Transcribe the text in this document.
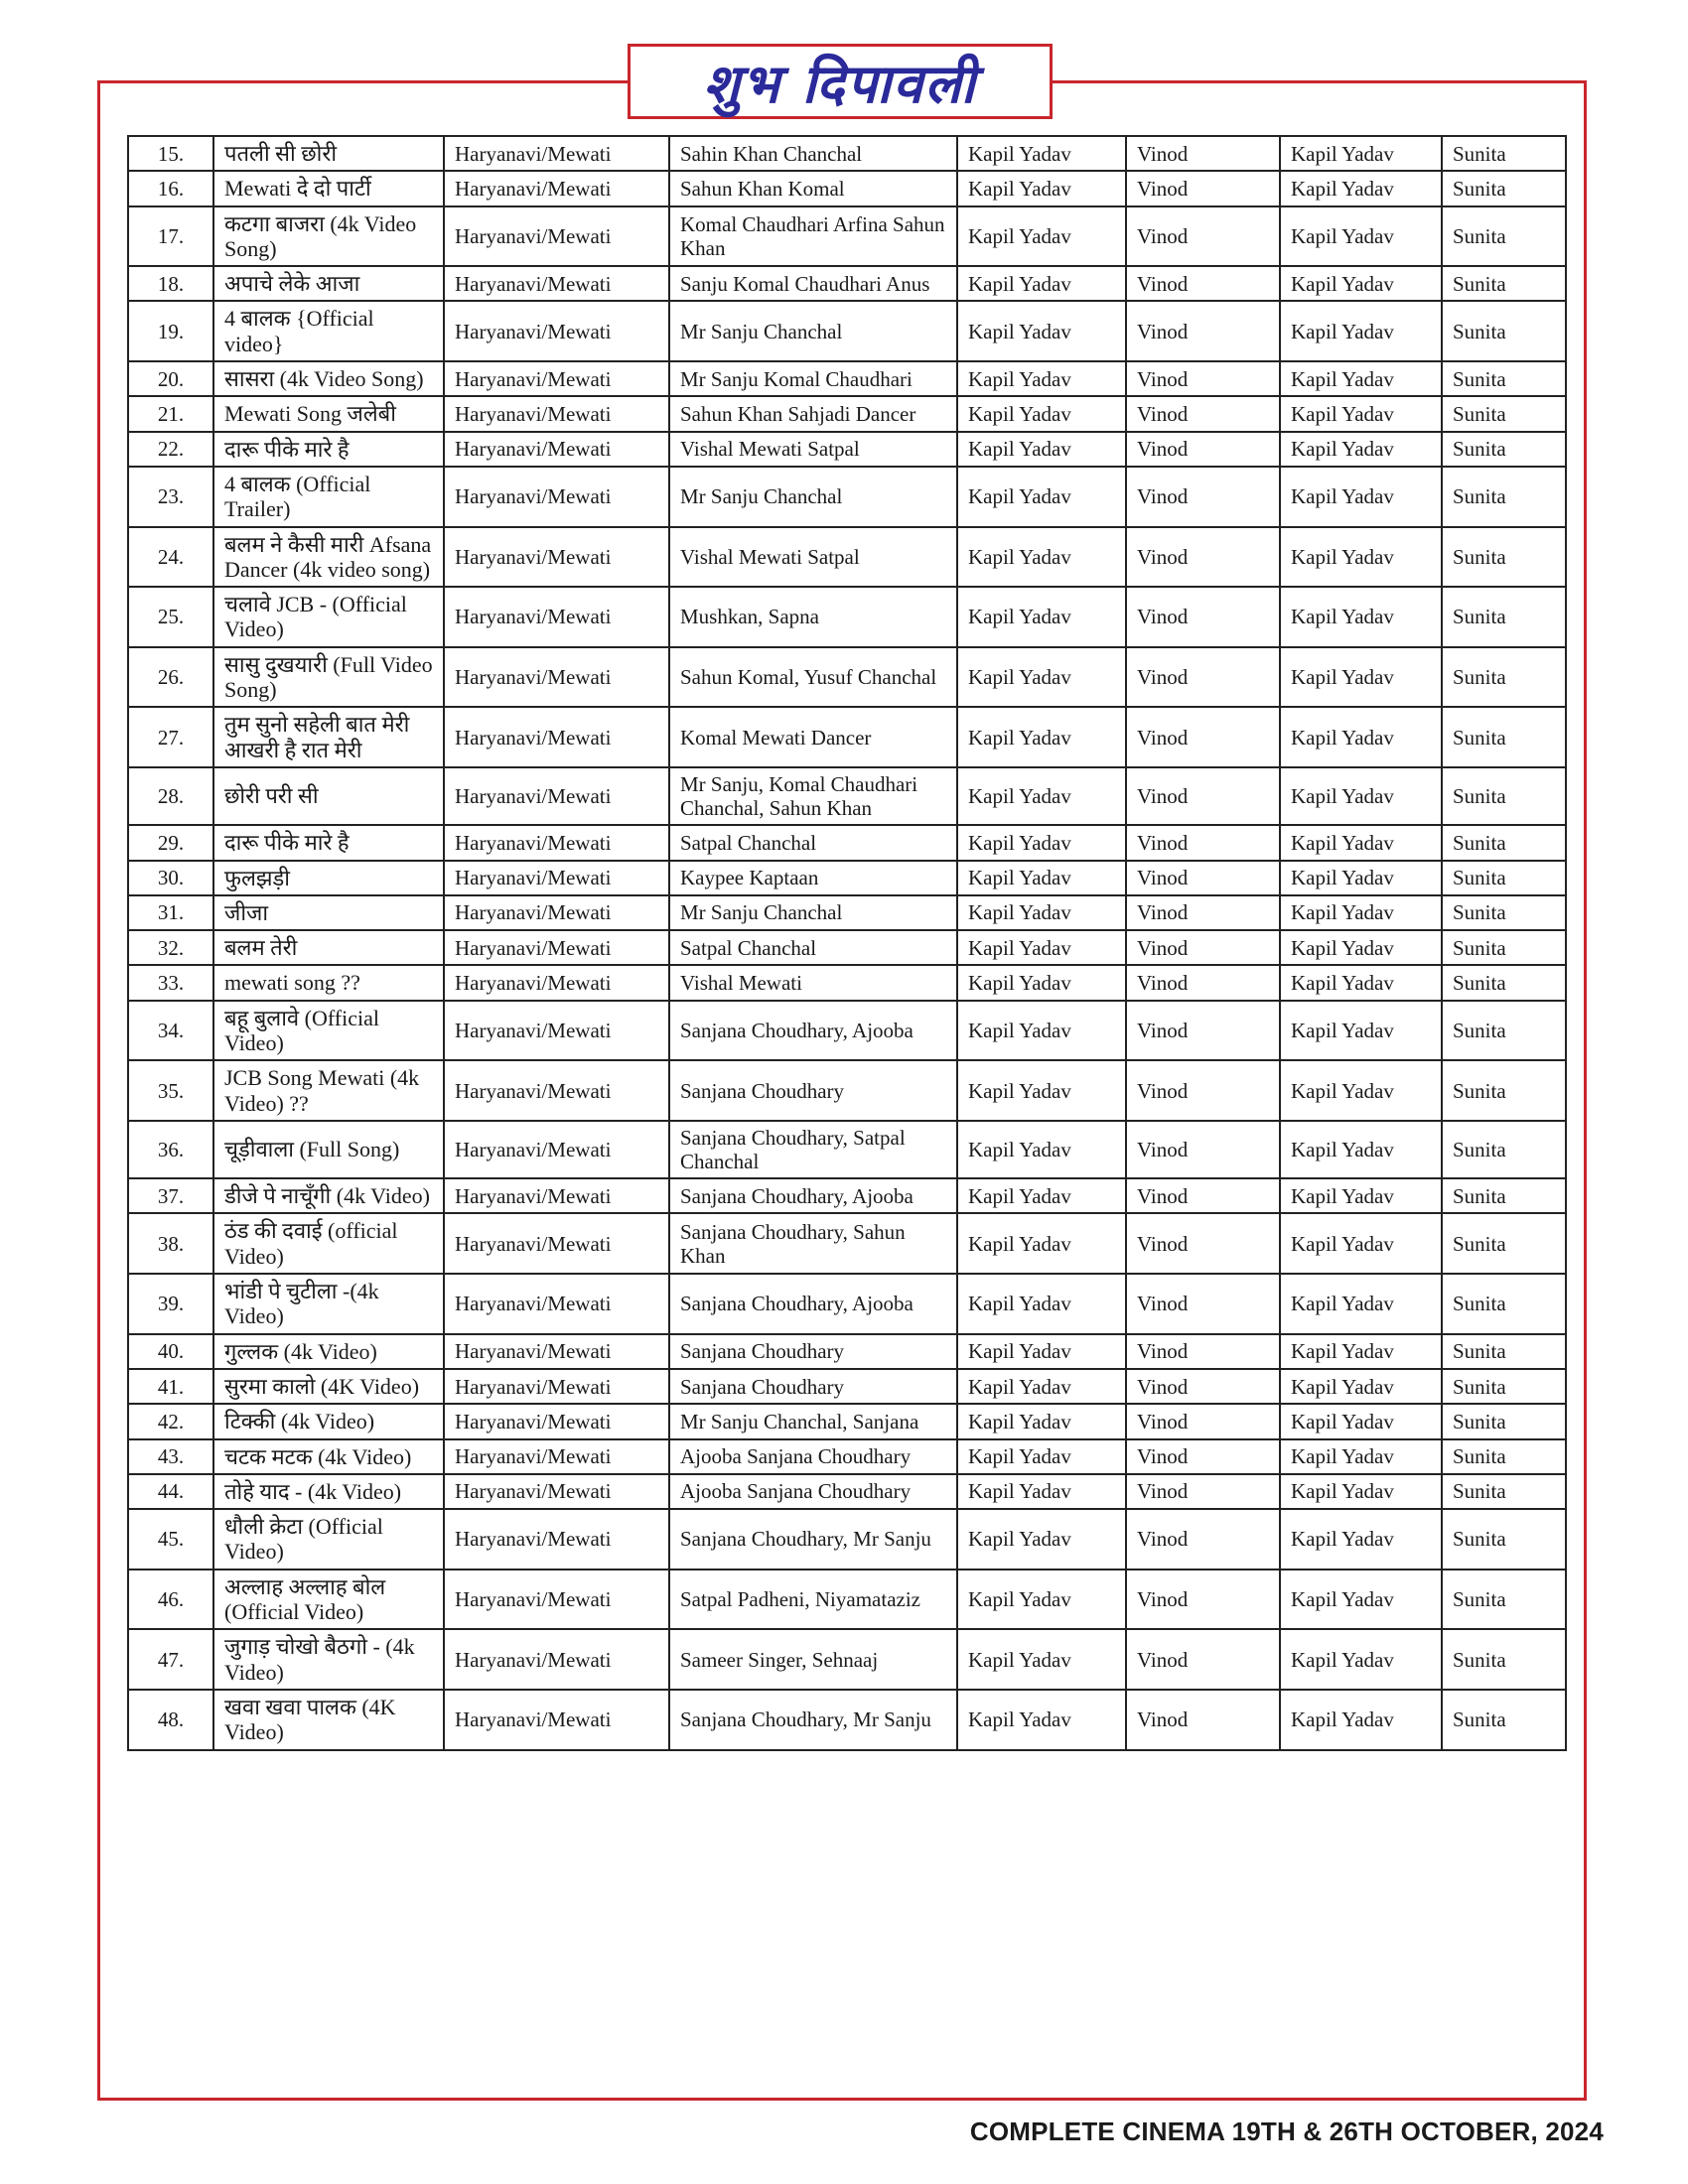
शुभ दिपावली
15.	पतली सी छोरी	Haryanavi/Mewati	Sahin Khan Chanchal	Kapil Yadav	Vinod	Kapil Yadav	Sunita
16.	Mewati दे दो पार्टी	Haryanavi/Mewati	Sahun Khan Komal	Kapil Yadav	Vinod	Kapil Yadav	Sunita
17.	कटगा बाजरा (4k Video Song)	Haryanavi/Mewati	Komal Chaudhari Arfina Sahun Khan	Kapil Yadav	Vinod	Kapil Yadav	Sunita
18.	अपाचे लेके आजा	Haryanavi/Mewati	Sanju Komal Chaudhari Anus	Kapil Yadav	Vinod	Kapil Yadav	Sunita
19.	4 बालक {Official video}	Haryanavi/Mewati	Mr Sanju Chanchal	Kapil Yadav	Vinod	Kapil Yadav	Sunita
20.	सासरा (4k Video Song)	Haryanavi/Mewati	Mr Sanju Komal Chaudhari	Kapil Yadav	Vinod	Kapil Yadav	Sunita
21.	Mewati Song जलेबी	Haryanavi/Mewati	Sahun Khan Sahjadi Dancer	Kapil Yadav	Vinod	Kapil Yadav	Sunita
22.	दारू पीके मारे है	Haryanavi/Mewati	Vishal Mewati Satpal	Kapil Yadav	Vinod	Kapil Yadav	Sunita
23.	4 बालक (Official Trailer)	Haryanavi/Mewati	Mr Sanju Chanchal	Kapil Yadav	Vinod	Kapil Yadav	Sunita
24.	बलम ने कैसी मारी Afsana Dancer (4k video song)	Haryanavi/Mewati	Vishal Mewati Satpal	Kapil Yadav	Vinod	Kapil Yadav	Sunita
25.	चलावे JCB - (Official Video)	Haryanavi/Mewati	Mushkan, Sapna	Kapil Yadav	Vinod	Kapil Yadav	Sunita
26.	सासु दुखयारी (Full Video Song)	Haryanavi/Mewati	Sahun Komal, Yusuf Chanchal	Kapil Yadav	Vinod	Kapil Yadav	Sunita
27.	तुम सुनो सहेली बात मेरी आखरी है रात मेरी	Haryanavi/Mewati	Komal Mewati Dancer	Kapil Yadav	Vinod	Kapil Yadav	Sunita
28.	छोरी परी सी	Haryanavi/Mewati	Mr Sanju, Komal Chaudhari Chanchal, Sahun Khan	Kapil Yadav	Vinod	Kapil Yadav	Sunita
29.	दारू पीके मारे है	Haryanavi/Mewati	Satpal Chanchal	Kapil Yadav	Vinod	Kapil Yadav	Sunita
30.	फुलझड़ी	Haryanavi/Mewati	Kaypee Kaptaan	Kapil Yadav	Vinod	Kapil Yadav	Sunita
31.	जीजा	Haryanavi/Mewati	Mr Sanju Chanchal	Kapil Yadav	Vinod	Kapil Yadav	Sunita
32.	बलम तेरी	Haryanavi/Mewati	Satpal Chanchal	Kapil Yadav	Vinod	Kapil Yadav	Sunita
33.	mewati song ??	Haryanavi/Mewati	Vishal Mewati	Kapil Yadav	Vinod	Kapil Yadav	Sunita
34.	बहू बुलावे (Official Video)	Haryanavi/Mewati	Sanjana Choudhary, Ajooba	Kapil Yadav	Vinod	Kapil Yadav	Sunita
35.	JCB Song Mewati (4k Video) ??	Haryanavi/Mewati	Sanjana Choudhary	Kapil Yadav	Vinod	Kapil Yadav	Sunita
36.	चूड़ीवाला (Full Song)	Haryanavi/Mewati	Sanjana Choudhary, Satpal Chanchal	Kapil Yadav	Vinod	Kapil Yadav	Sunita
37.	डीजे पे नाचूँगी (4k Video)	Haryanavi/Mewati	Sanjana Choudhary, Ajooba	Kapil Yadav	Vinod	Kapil Yadav	Sunita
38.	ठंड की दवाई (official Video)	Haryanavi/Mewati	Sanjana Choudhary, Sahun Khan	Kapil Yadav	Vinod	Kapil Yadav	Sunita
39.	भांडी पे चुटीला -(4k Video)	Haryanavi/Mewati	Sanjana Choudhary, Ajooba	Kapil Yadav	Vinod	Kapil Yadav	Sunita
40.	गुल्लक (4k Video)	Haryanavi/Mewati	Sanjana Choudhary	Kapil Yadav	Vinod	Kapil Yadav	Sunita
41.	सुरमा कालो (4K Video)	Haryanavi/Mewati	Sanjana Choudhary	Kapil Yadav	Vinod	Kapil Yadav	Sunita
42.	टिक्की (4k Video)	Haryanavi/Mewati	Mr Sanju Chanchal, Sanjana	Kapil Yadav	Vinod	Kapil Yadav	Sunita
43.	चटक मटक (4k Video)	Haryanavi/Mewati	Ajooba Sanjana Choudhary	Kapil Yadav	Vinod	Kapil Yadav	Sunita
44.	तोहे याद - (4k Video)	Haryanavi/Mewati	Ajooba Sanjana Choudhary	Kapil Yadav	Vinod	Kapil Yadav	Sunita
45.	धौली क्रेटा (Official Video)	Haryanavi/Mewati	Sanjana Choudhary, Mr Sanju	Kapil Yadav	Vinod	Kapil Yadav	Sunita
46.	अल्लाह अल्लाह बोल (Official Video)	Haryanavi/Mewati	Satpal Padheni, Niyamataziz	Kapil Yadav	Vinod	Kapil Yadav	Sunita
47.	जुगाड़ चोखो बैठगो - (4k Video)	Haryanavi/Mewati	Sameer Singer, Sehnaaj	Kapil Yadav	Vinod	Kapil Yadav	Sunita
48.	खवा खवा पालक (4K Video)	Haryanavi/Mewati	Sanjana Choudhary, Mr Sanju	Kapil Yadav	Vinod	Kapil Yadav	Sunita
COMPLETE CINEMA 19TH & 26TH OCTOBER, 2024
